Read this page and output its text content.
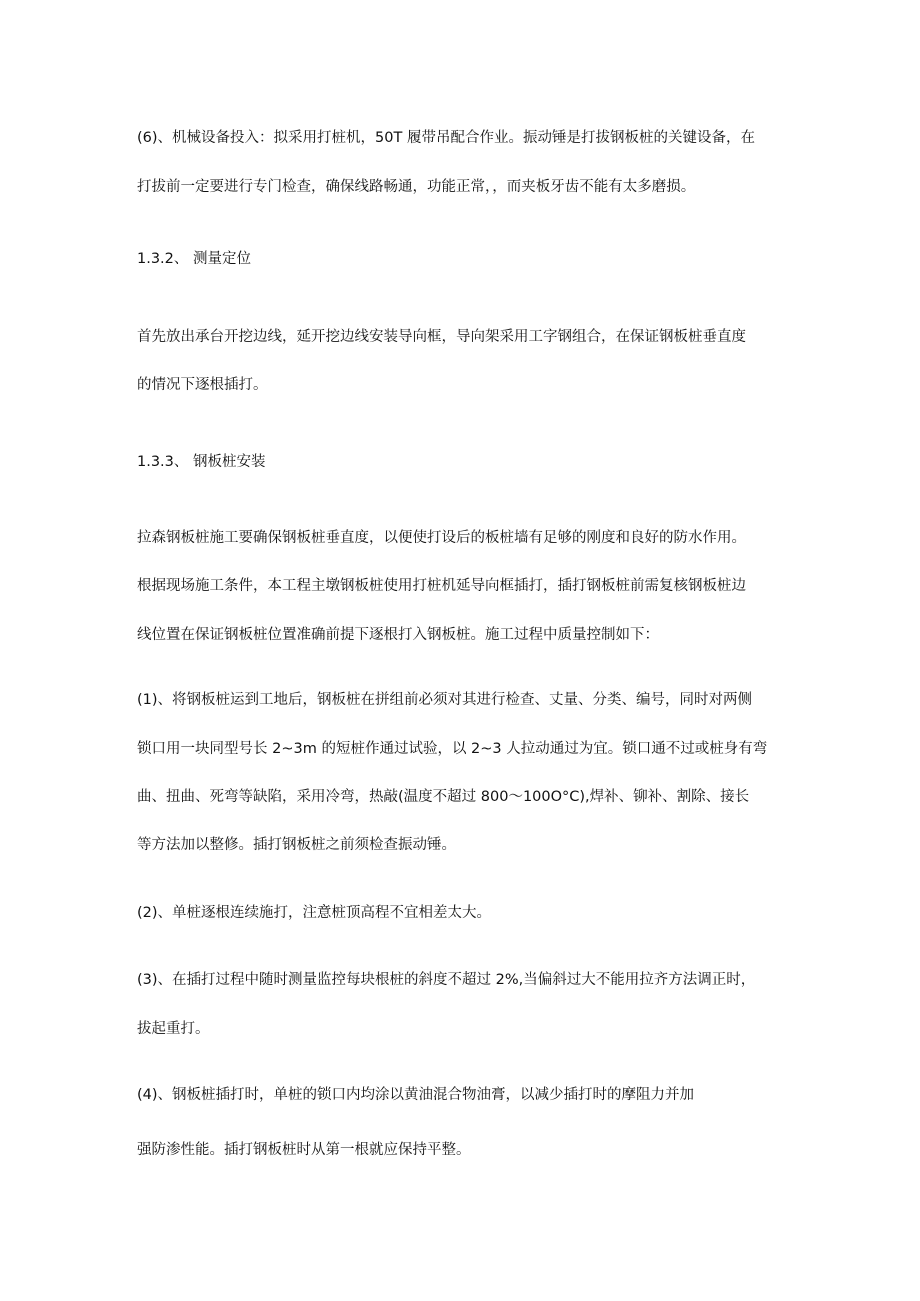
(6)、机械设备投入：拟采用打桩机，50T 履带吊配合作业。振动锤是打拔钢板桩的关键设备，在

打拔前一定要进行专门检查，确保线路畅通，功能正常，，而夹板牙齿不能有太多磨损。

1.3.2、 测量定位

首先放出承台开挖边线，延开挖边线安装导向框，导向架采用工字钢组合，在保证钢板桩垂直度

的情况下逐根插打。

1.3.3、 钢板桩安装

拉森钢板桩施工要确保钢板桩垂直度，以便使打设后的板桩墙有足够的刚度和良好的防水作用。

根据现场施工条件，本工程主墩钢板桩使用打桩机延导向框插打，插打钢板桩前需复核钢板桩边

线位置在保证钢板桩位置准确前提下逐根打入钢板桩。施工过程中质量控制如下：

(1)、将钢板桩运到工地后，钢板桩在拼组前必须对其进行检查、丈量、分类、编号，同时对两侧

锁口用一块同型号长 2~3m 的短桩作通过试验，以 2~3 人拉动通过为宜。锁口通不过或桩身有弯

曲、扭曲、死弯等缺陷，采用冷弯，热敲(温度不超过 800～100O°C),焊补、铆补、割除、接长

等方法加以整修。插打钢板桩之前须检查振动锤。

(2)、单桩逐根连续施打，注意桩顶高程不宜相差太大。

(3)、在插打过程中随时测量监控每块根桩的斜度不超过 2%,当偏斜过大不能用拉齐方法调正时，

拔起重打。

(4)、钢板桩插打时，单桩的锁口内均涂以黄油混合物油膏，以减少插打时的摩阻力并加

强防渗性能。插打钢板桩时从第一根就应保持平整。
